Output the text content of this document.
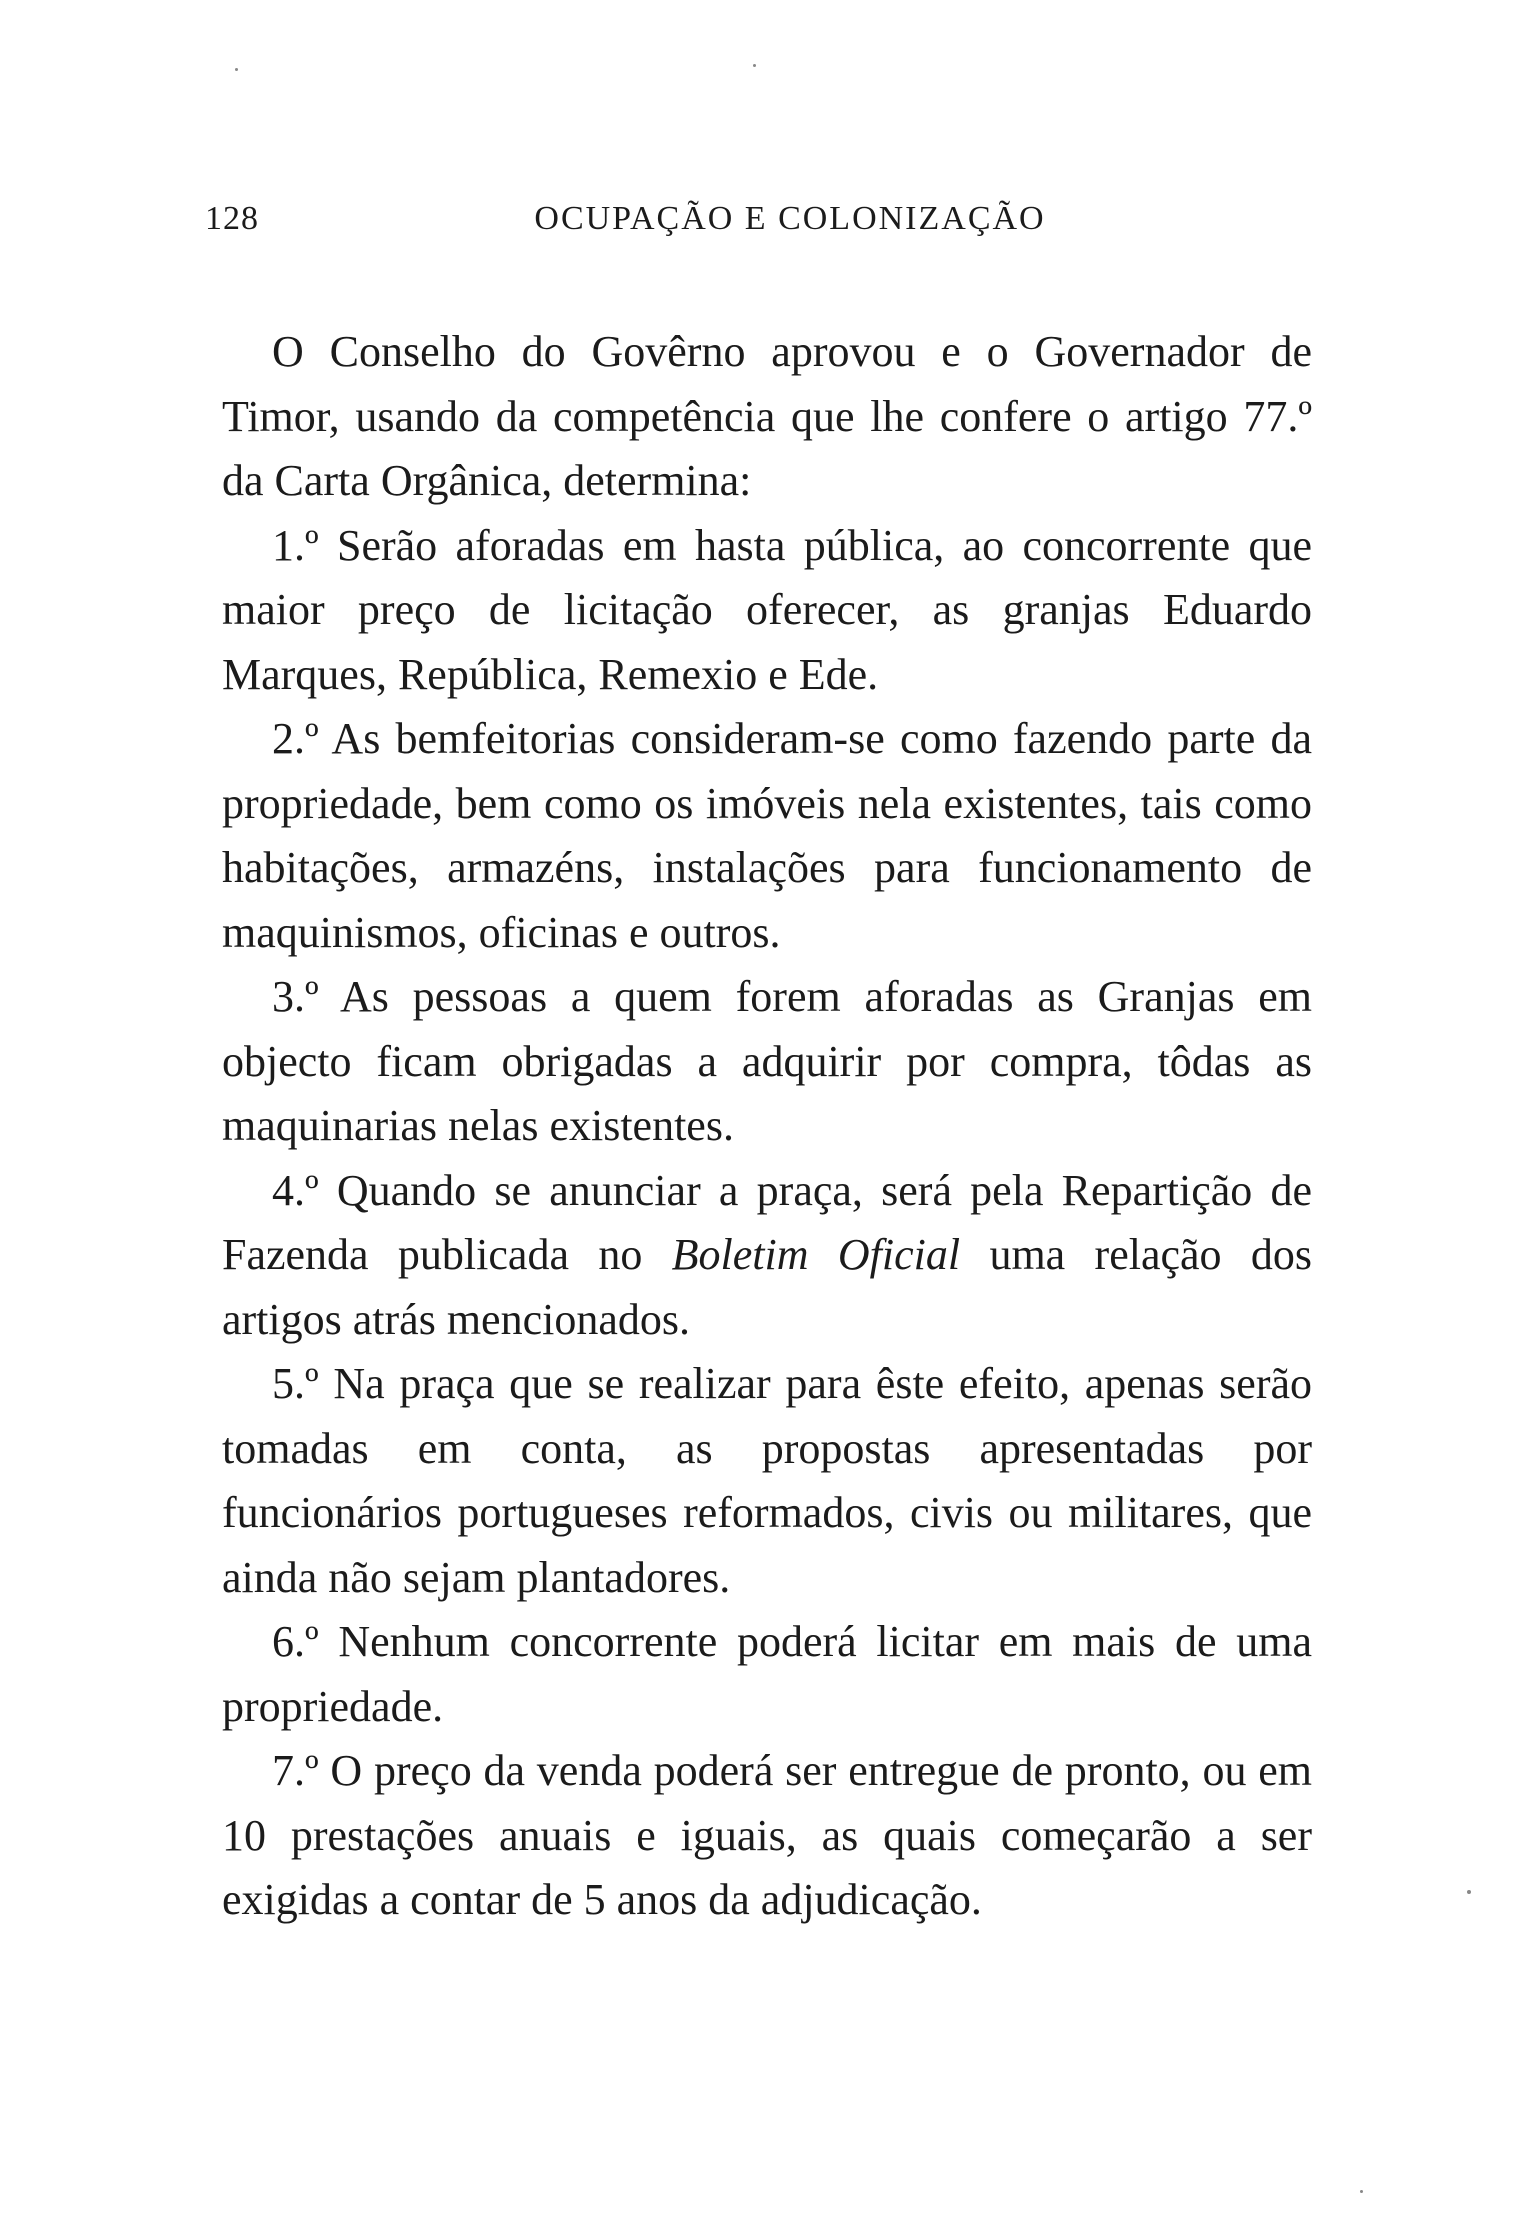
128	OCUPAÇÃO E COLONIZAÇÃO

O Conselho do Govêrno aprovou e o Governador de Timor, usando da competência que lhe confere o artigo 77.º da Carta Orgânica, determina:

1.º Serão aforadas em hasta pública, ao concorrente que maior preço de licitação oferecer, as granjas Eduardo Marques, República, Remexio e Ede.

2.º As bemfeitorias consideram-se como fazendo parte da propriedade, bem como os imóveis nela existentes, tais como habitações, armazéns, instalações para funcionamento de maquinismos, oficinas e outros.

3.º As pessoas a quem forem aforadas as Granjas em objecto ficam obrigadas a adquirir por compra, tôdas as maquinarias nelas existentes.

4.º Quando se anunciar a praça, será pela Repartição de Fazenda publicada no Boletim Oficial uma relação dos artigos atrás mencionados.

5.º Na praça que se realizar para êste efeito, apenas serão tomadas em conta, as propostas apresentadas por funcionários portugueses reformados, civis ou militares, que ainda não sejam plantadores.

6.º Nenhum concorrente poderá licitar em mais de uma propriedade.

7.º O preço da venda poderá ser entregue de pronto, ou em 10 prestações anuais e iguais, as quais começarão a ser exigidas a contar de 5 anos da adjudicação.
